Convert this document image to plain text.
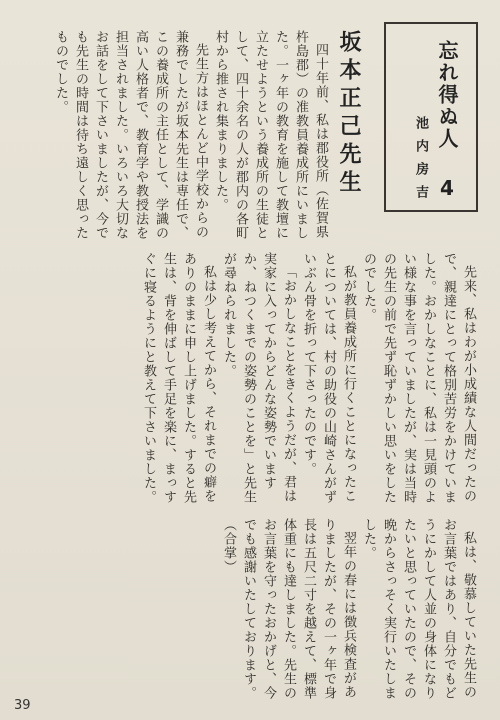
忘れ得ぬ人 4
池内房吉
坂本正己先生

四十年前、私は郡役所（佐賀県杵島郡）の准教員養成所にいました。一ヶ年の教育を施して教壇に立たせようという養成所の生徒として、四十余名の人が郡内の各町村から推され集まりました。

先生方はほとんど中学校からの兼務でしたが坂本先生は専任で、この養成所の主任として、学識の高い人格者で、教育学や教授法を担当されました。いろいろ大切なお話をして下さいましたが、今でも先生の時間は待ち遠しく思ったものでした。

先来、私はわが小成績な人間だったので、親達にとって格別苦労をかけていました。おかしなことに、私は一見頭のよい様な事を言っていましたが、実は当時の先生の前で先ず恥ずかしい思いをしたのでした。

私が教員養成所に行くことになったことについては、村の助役の山崎さんがずいぶん骨を折って下さったのです。

「おかしなことをきくようだが、君は実家に入ってからどんな姿勢でいますか、ねつくまでの姿勢のことを」と先生が尋ねられました。

私は少し考えてから、それまでの癖をありのままに申し上げました。すると先生は、背を伸ばして手足を楽に、まっすぐに寝るようにと教えて下さいました。

私は、敬慕していた先生のお言葉ではあり、自分でもどうにかして人並の身体になりたいと思っていたので、その晩からさっそく実行いたしました。

翌年の春には徴兵検査がありましたが、その一ヶ年で身長は五尺二寸を越えて、標準体重にも達しました。先生のお言葉を守ったおかげと、今でも感謝いたしております。（合掌）

39
